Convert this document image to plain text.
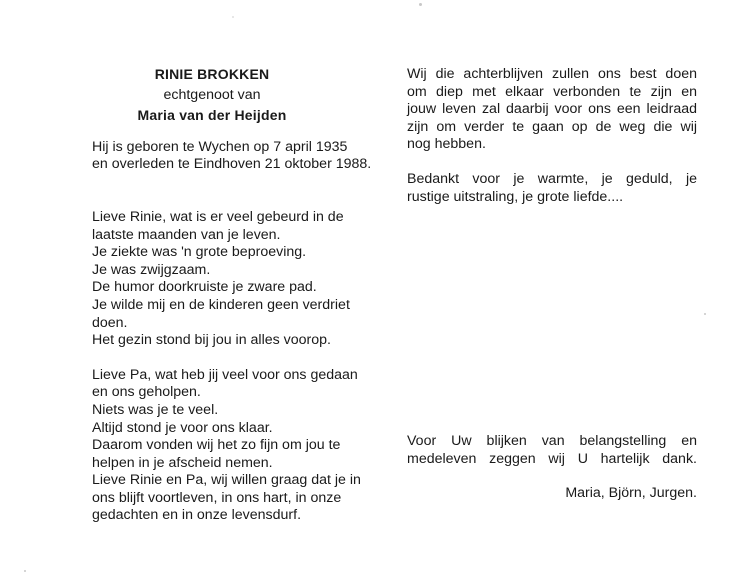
RINIE BROKKEN
echtgenoot van
Maria van der Heijden
Hij is geboren te Wychen op 7 april 1935
en overleden te Eindhoven 21 oktober 1988.
Lieve Rinie, wat is er veel gebeurd in de
laatste maanden van je leven.
Je ziekte was 'n grote beproeving.
Je was zwijgzaam.
De humor doorkruiste je zware pad.
Je wilde mij en de kinderen geen verdriet
doen.
Het gezin stond bij jou in alles voorop.
Lieve Pa, wat heb jij veel voor ons gedaan
en ons geholpen.
Niets was je te veel.
Altijd stond je voor ons klaar.
Daarom vonden wij het zo fijn om jou te
helpen in je afscheid nemen.
Lieve Rinie en Pa, wij willen graag dat je in
ons blijft voortleven, in ons hart, in onze
gedachten en in onze levensdurf.
Wij die achterblijven zullen ons best doen
om diep met elkaar verbonden te zijn en
jouw leven zal daarbij voor ons een leidraad
zijn om verder te gaan op de weg die wij
nog hebben.
Bedankt voor je warmte, je geduld, je
rustige uitstraling, je grote liefde....
Voor Uw blijken van belangstelling en
medeleven zeggen wij U hartelijk dank.
Maria, Björn, Jurgen.
